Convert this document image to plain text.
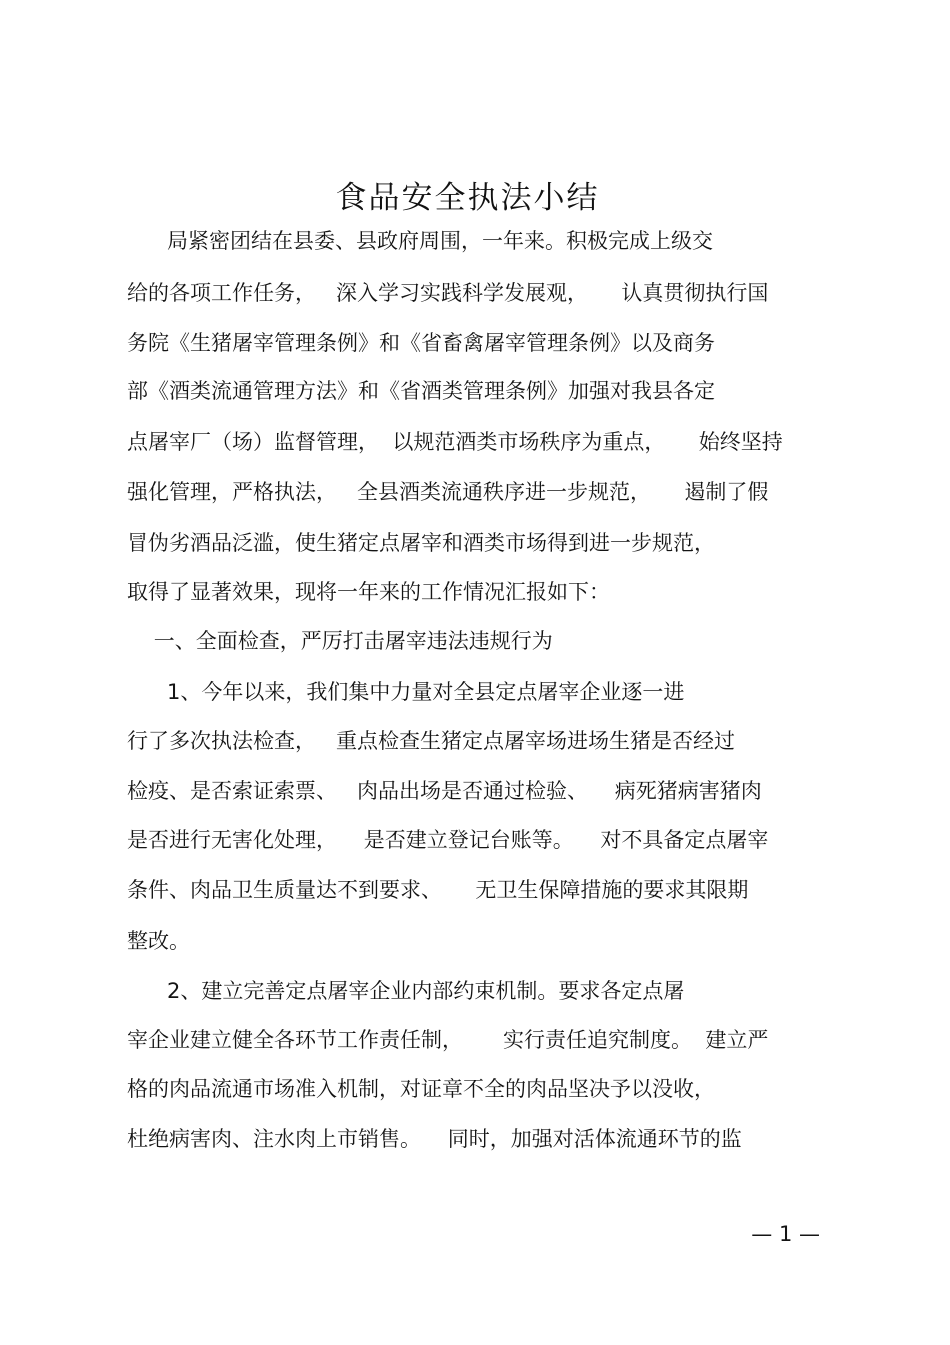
食品安全执法小结
局紧密团结在县委、县政府周围，一年来。积极完成上级交
给的各项工作任务，   深入学习实践科学发展观，     认真贯彻执行国
务院《生猪屠宰管理条例》和《省畜禽屠宰管理条例》以及商务
部《酒类流通管理方法》和《省酒类管理条例》加强对我县各定
点屠宰厂（场）监督管理，  以规范酒类市场秩序为重点，     始终坚持
强化管理，严格执法，   全县酒类流通秩序进一步规范，     遏制了假
冒伪劣酒品泛滥，使生猪定点屠宰和酒类市场得到进一步规范，
取得了显著效果，现将一年来的工作情况汇报如下：
一、全面检查，严厉打击屠宰违法违规行为
1、今年以来，我们集中力量对全县定点屠宰企业逐一进
行了多次执法检查，   重点检查生猪定点屠宰场进场生猪是否经过
检疫、是否索证索票、   肉品出场是否通过检验、    病死猪病害猪肉
是否进行无害化处理，    是否建立登记台账等。    对不具备定点屠宰
条件、肉品卫生质量达不到要求、     无卫生保障措施的要求其限期
整改。
2、建立完善定点屠宰企业内部约束机制。要求各定点屠
宰企业建立健全各环节工作责任制，      实行责任追究制度。  建立严
格的肉品流通市场准入机制，对证章不全的肉品坚决予以没收，
杜绝病害肉、注水肉上市销售。    同时，加强对活体流通环节的监
— 1 —
